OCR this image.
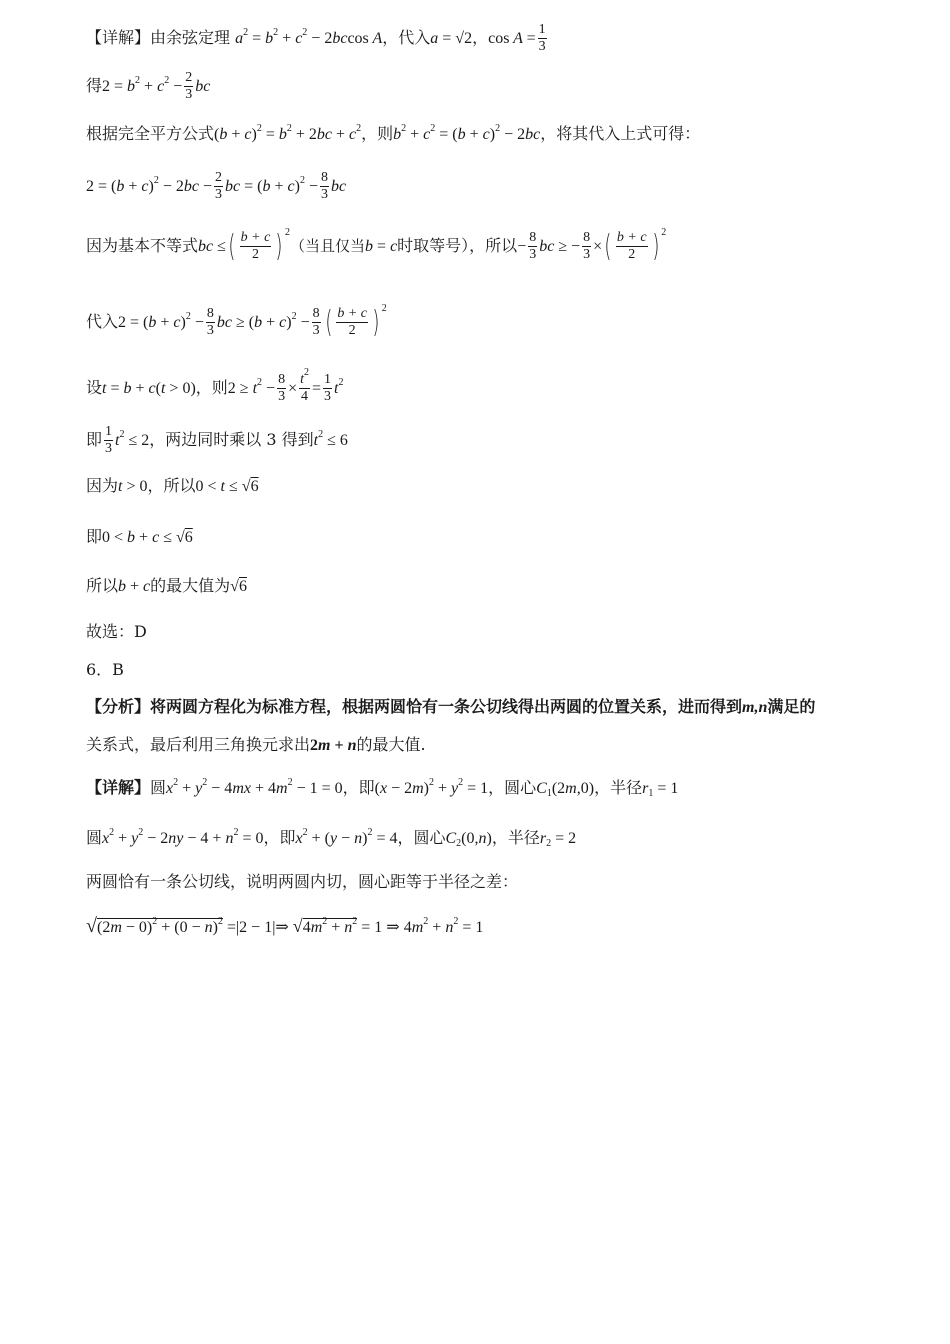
【详解】由余弦定理 $a^2 = b^2 + c^2 - 2bccos$ A，代入a = √2，$\cos A = \frac{1}{3}$
得$2 = b^2 + c^2 - \frac{2}{3}$ bc
根据完全平方公式$(b + c)^2 = b^2 + 2bc + c^2$，则$b^2 + c^2 = (b + c)^2 - 2bc$，将其代入上式可得：
$2 = (b + c)^2 - 2bc - \frac{2}{3}$ bc = $(b + c)^2 - \frac{8}{3}$ bc
因为基本不等式bc ≤( $\frac{b + c}{2}$ ) $^2$（当且仅当b = c时取等号），所以− $\frac{8}{3}$ bc ≥ − $\frac{8}{3}$ ×( $\frac{b + c}{2}$ ) $^2$
代入$2 = (b + c)^2 - \frac{8}{3}$ bc ≥ $(b + c)^2 - \frac{8}{3}$ ( $\frac{b + c}{2}$ ) $^2$
设t = b + c(t > 0)，则$2 \ge t^2 - \frac{8}{3} \times \frac{t^2}{4} = \frac{1}{3} t^2$
即 $\frac{1}{3} t^2 \le 2$，两边同时乘以 3 得到$t^2 \le 6$
因为t > 0，所以0 < t ≤ √6
即0 < b + c ≤ √6
所以b + c的最大值为√6
故选：D
6．B
【分析】将两圆方程化为标准方程，根据两圆恰有一条公切线得出两圆的位置关系，进而得到m,n满足的
关系式，最后利用三角换元求出2m + n的最大值.
【详解】圆$x^2 + y^2 - 4mx + 4m^2 - 1 = 0$，即$(x - 2m)^2 + y^2 = 1$，圆心$C_1(2m,0)$，半径$r_1 = 1$
圆$x^2 + y^2 - 2ny - 4 + n^2 = 0$，即$x^2 + (y - n)^2 = 4$，圆心$C_2(0,n)$，半径$r_2 = 2$
两圆恰有一条公切线，说明两圆内切，圆心距等于半径之差：
$√(2m - 0)^2 + (0 - n)^2 =|2$ − 1|⇒ $√4m^2 + n^2 = 1$ ⇒ $4m^2 + n^2 = 1$
